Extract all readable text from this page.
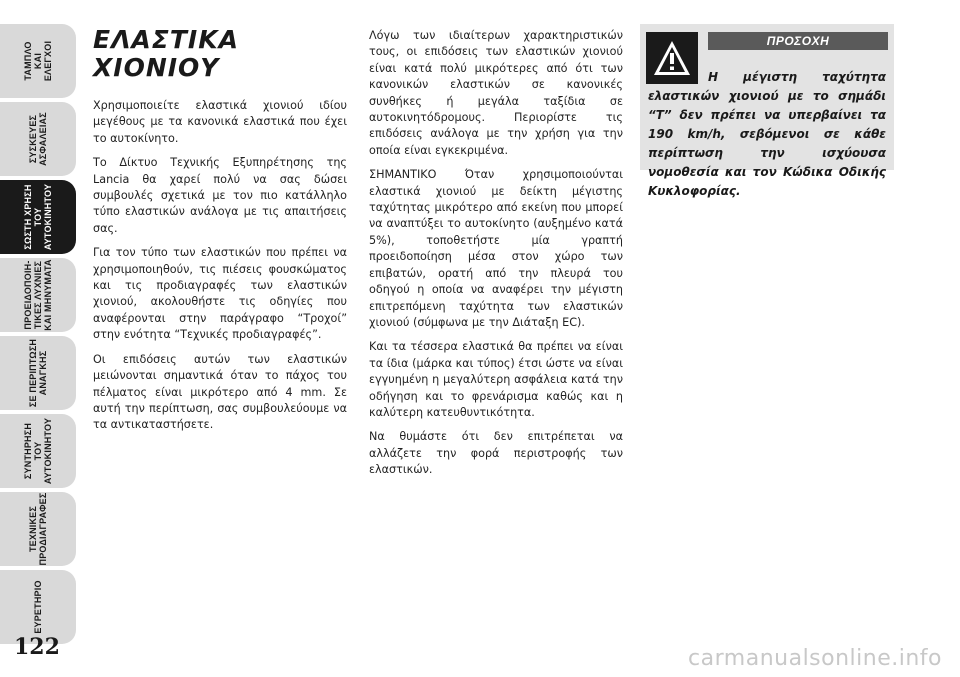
ΤΑΜΠΛΟ
ΚΑΙ
ΕΛΕΓΧΟΙ
ΣΥΣΚΕΥΕΣ
ΑΣΦΑΛΕΙΑΣ
ΣΩΣΤΗ ΧΡΗΣΗ
ΤΟΥ
ΑΥΤΟΚΙΝΗΤΟΥ
ΠΡΟΕΙΔΟΠΟΙΗ-
ΤΙΚΕΣ ΛΥΧΝΙΕΣ
ΚΑΙ ΜΗΝΥΜΑΤΑ
ΣΕ ΠΕΡΙΠΤΩΣΗ
ΑΝΑΓΚΗΣ
ΣΥΝΤΗΡΗΣΗ
ΤΟΥ
ΑΥΤΟΚΙΝΗΤΟΥ
ΤΕΧΝΙΚΕΣ
ΠΡΟΔΙΑΓΡΑΦΕΣ
ΕΥΡΕΤΗΡΙΟ
122
ΕΛΑΣΤΙΚΑ
ΧΙΟΝΙΟΥ

Χρησιμοποιείτε ελαστικά χιονιού ιδίου μεγέθους με τα κανονικά ελαστικά που έχει το αυτοκίνητο.

Το Δίκτυο Τεχνικής Εξυπηρέτησης της Lancia θα χαρεί πολύ να σας δώσει συμβουλές σχετικά με τον πιο κατάλληλο τύπο ελαστικών ανάλογα με τις απαιτήσεις σας.

Για τον τύπο των ελαστικών που πρέπει να χρησιμοποιηθούν, τις πιέσεις φουσκώματος και τις προδιαγραφές των ελαστικών χιονιού, ακολουθήστε τις οδηγίες που αναφέρονται στην παράγραφο “Τροχοί” στην ενότητα “Τεχνικές προδιαγραφές”.

Οι επιδόσεις αυτών των ελαστικών μειώνονται σημαντικά όταν το πάχος του πέλματος είναι μικρότερο από 4 mm. Σε αυτή την περίπτωση, σας συμβουλεύουμε να τα αντικαταστήσετε.

Λόγω των ιδιαίτερων χαρακτηριστικών τους, οι επιδόσεις των ελαστικών χιονιού είναι κατά πολύ μικρότερες από ότι των κανονικών ελαστικών σε κανονικές συνθήκες ή μεγάλα ταξίδια σε αυτοκινητόδρομους. Περιορίστε τις επιδόσεις ανάλογα με την χρήση για την οποία είναι εγκεκριμένα.

ΣΗΜΑΝΤΙΚΟ Όταν χρησιμοποιούνται ελαστικά χιονιού με δείκτη μέγιστης ταχύτητας μικρότερο από εκείνη που μπορεί να αναπτύξει το αυτοκίνητο (αυξημένο κατά 5%), τοποθετήστε μία γραπτή προειδοποίηση μέσα στον χώρο των επιβατών, ορατή από την πλευρά του οδηγού η οποία να αναφέρει την μέγιστη επιτρεπόμενη ταχύτητα των ελαστικών χιονιού (σύμφωνα με την Διάταξη EC).

Και τα τέσσερα ελαστικά θα πρέπει να είναι τα ίδια (μάρκα και τύπος) έτσι ώστε να είναι εγγυημένη η μεγαλύτερη ασφάλεια κατά την οδήγηση και το φρενάρισμα καθώς και η καλύτερη κατευθυντικότητα.

Να θυμάστε ότι δεν επιτρέπεται να αλλάζετε την φορά περιστροφής των ελαστικών.

ΠΡΟΣΟΧΗ

Η μέγιστη ταχύτητα ελαστικών χιονιού με το σημάδι “T” δεν πρέπει να υπερβαίνει τα 190 km/h, σεβόμενοι σε κάθε περίπτωση την ισχύουσα νομοθεσία και τον Κώδικα Οδικής Κυκλοφορίας.

carmanualsonline.info
